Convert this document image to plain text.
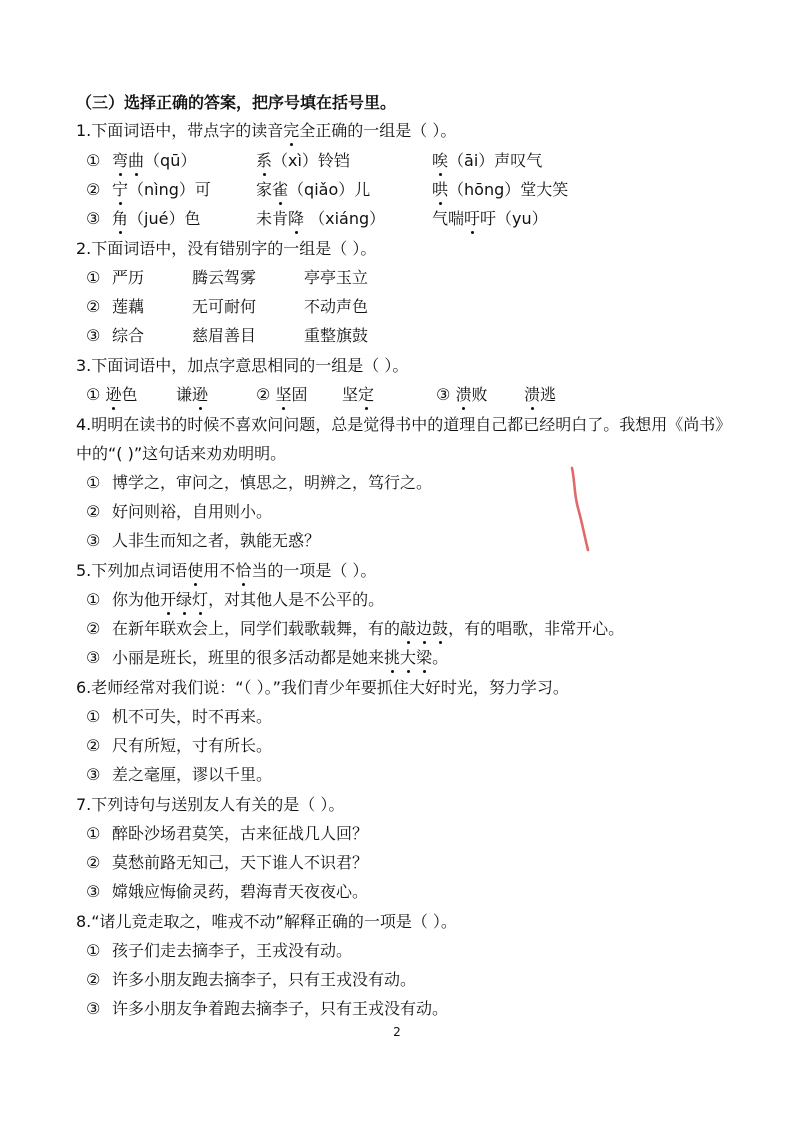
（三）选择正确的答案，把序号填在括号里。
1.下面词语中，带点字的读音完全正确的一组是（ ）。
① 弯曲（qū）	系（xì）铃铛	唉（āi）声叹气
② 宁（nìng）可	家雀（qiǎo）儿	哄（hōng）堂大笑
③ 角（jué）色	未肯降 （xiáng）	气喘吁吁（yu）
2.下面词语中，没有错别字的一组是（ ）。
① 严历	腾云驾雾	亭亭玉立
② 莲藕	无可耐何	不动声色
③ 综合	慈眉善目	重整旗鼓
3.下面词语中，加点字意思相同的一组是（ ）。
① 逊色 谦逊	② 坚固 坚定	③ 溃败 溃逃
4.明明在读书的时候不喜欢问问题，总是觉得书中的道理自己都已经明白了。我想用《尚书》
中的“( )”这句话来劝劝明明。
① 博学之，审问之，慎思之，明辨之，笃行之。
② 好问则裕，自用则小。
③ 人非生而知之者，孰能无惑？
5.下列加点词语使用不恰当的一项是（ ）。
① 你为他开绿灯，对其他人是不公平的。
② 在新年联欢会上，同学们载歌载舞，有的敲边鼓，有的唱歌，非常开心。
③ 小丽是班长，班里的很多活动都是她来挑大梁。
6.老师经常对我们说：“（ ）。”我们青少年要抓住大好时光，努力学习。
① 机不可失，时不再来。
② 尺有所短，寸有所长。
③ 差之毫厘，谬以千里。
7.下列诗句与送别友人有关的是（ ）。
① 醉卧沙场君莫笑，古来征战几人回？
② 莫愁前路无知己，天下谁人不识君？
③ 嫦娥应悔偷灵药，碧海青天夜夜心。
8.“诸儿竞走取之，唯戎不动”解释正确的一项是（ ）。
① 孩子们走去摘李子，王戎没有动。
② 许多小朋友跑去摘李子，只有王戎没有动。
③ 许多小朋友争着跑去摘李子，只有王戎没有动。
2
